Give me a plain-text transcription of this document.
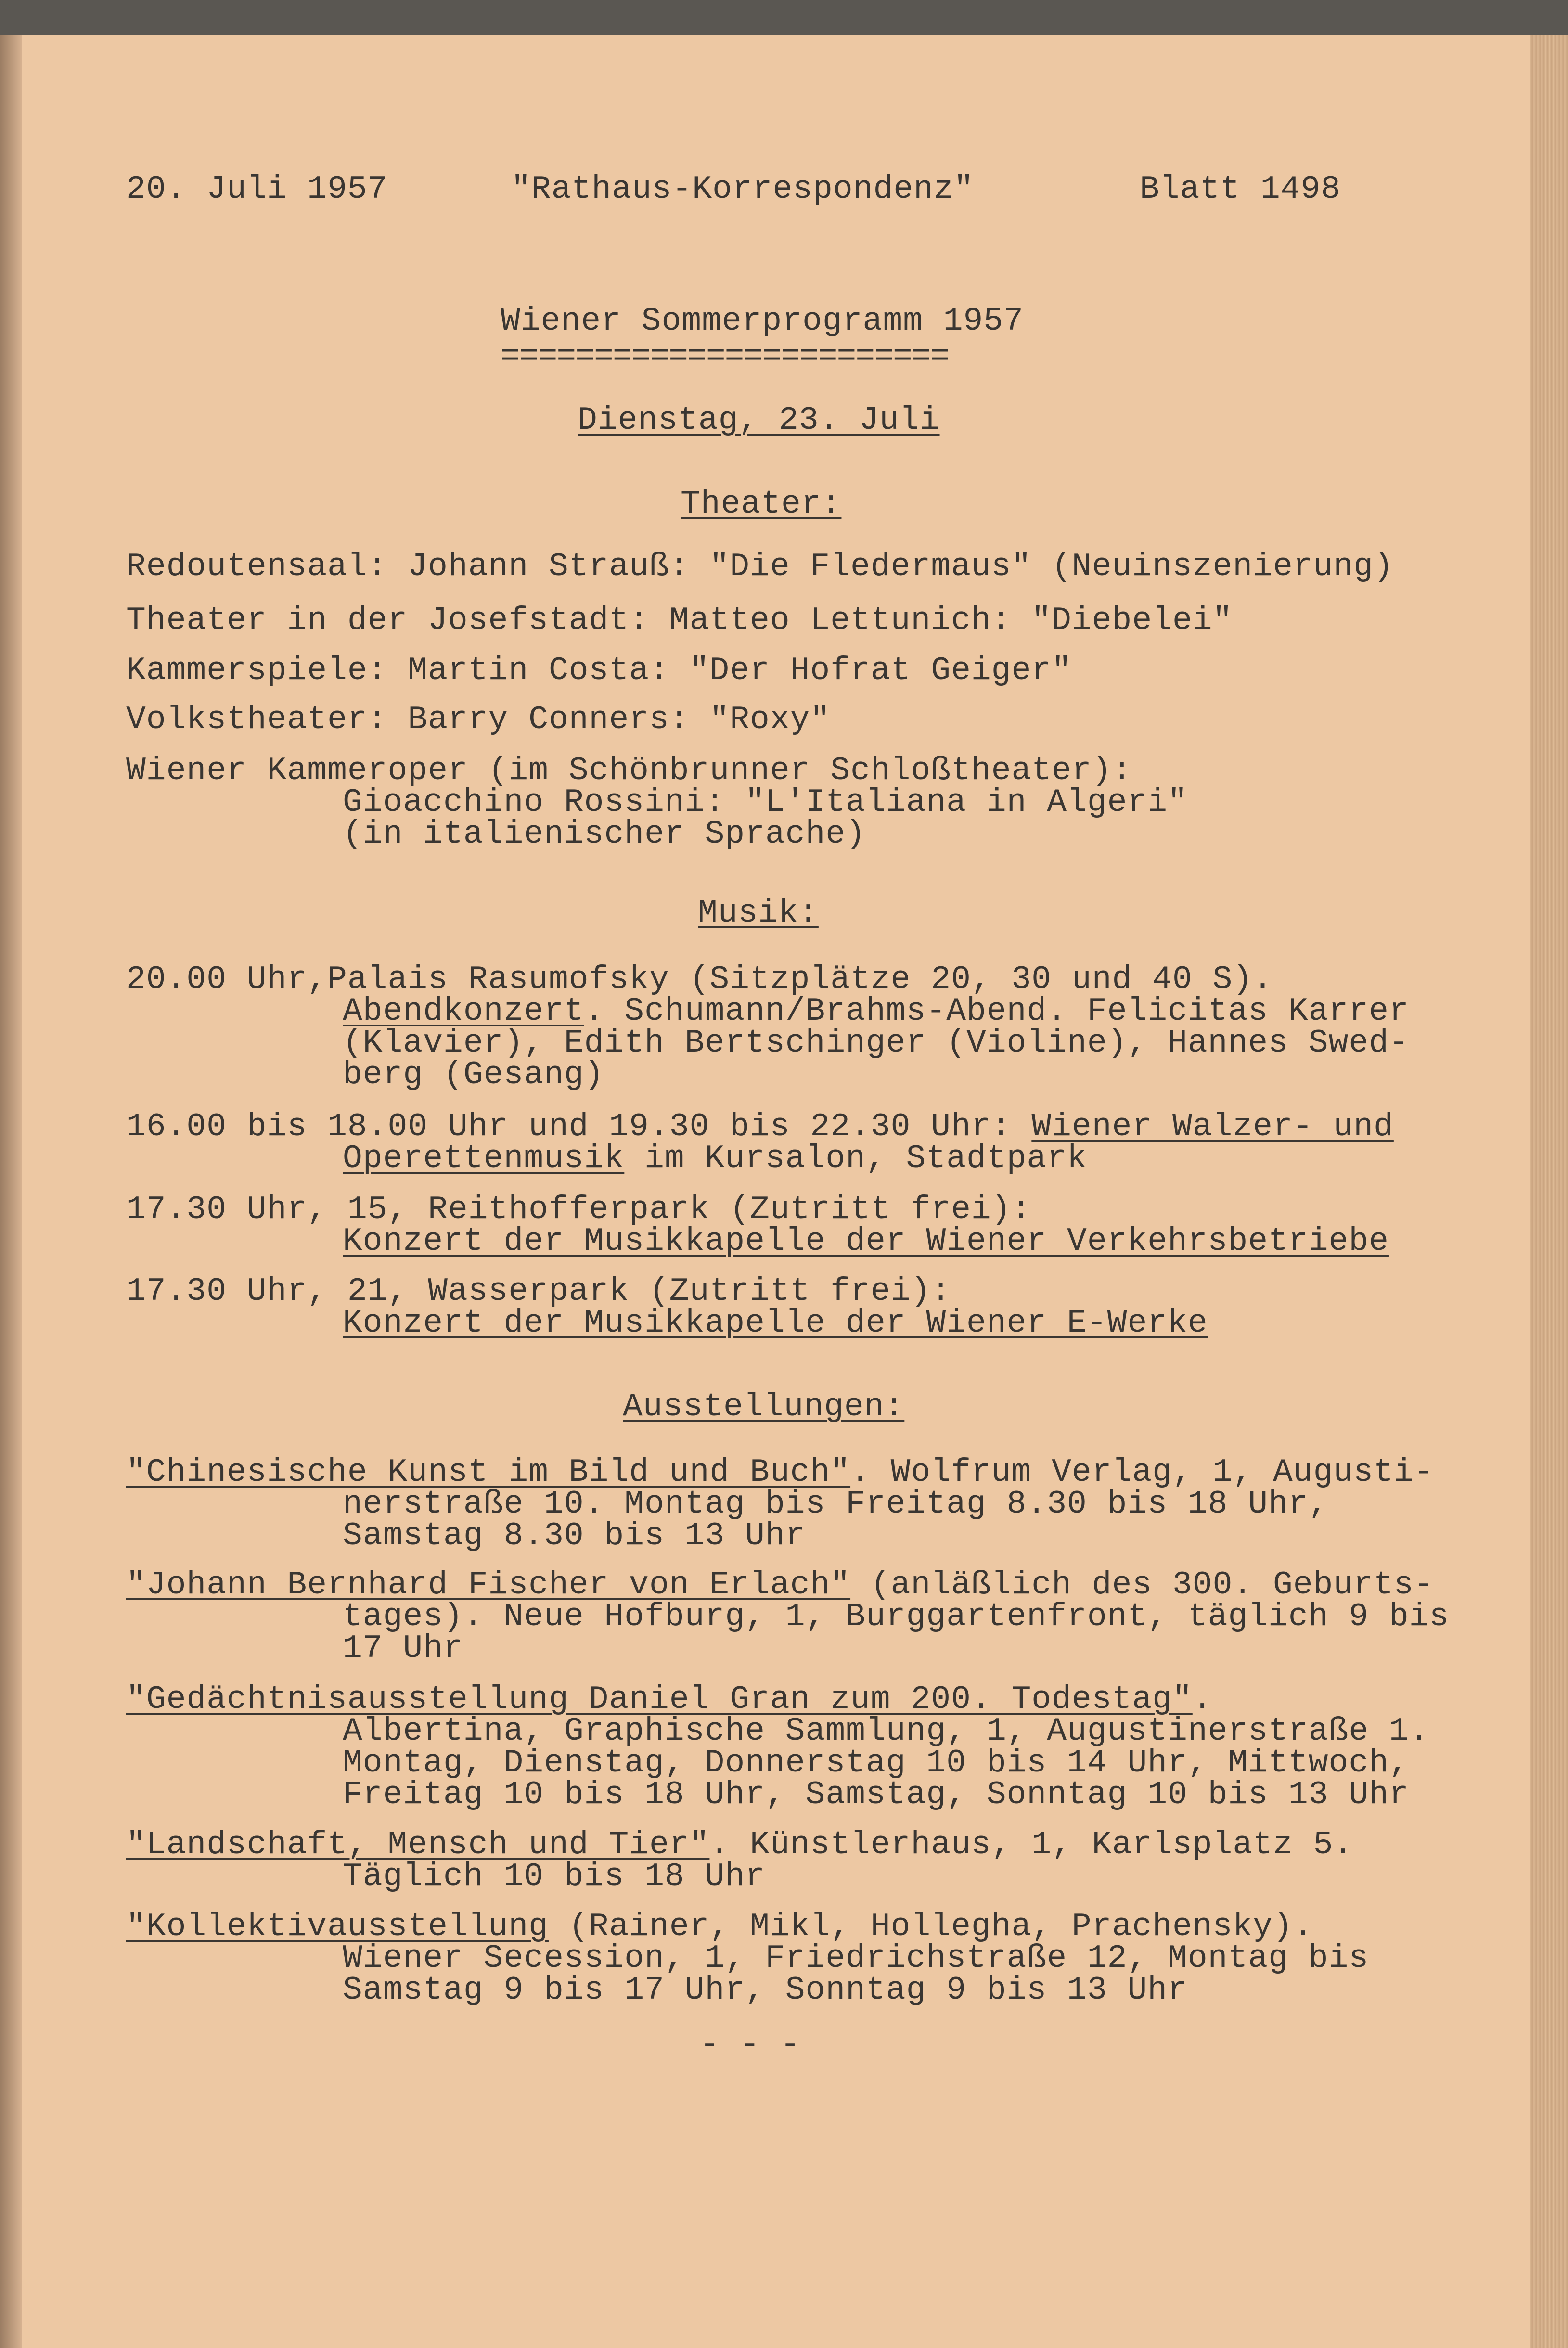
20. Juli 1957	"Rathaus-Korrespondenz"	Blatt 1498
Wiener Sommerprogramm 1957
========================
Dienstag, 23. Juli
Theater:
Redoutensaal: Johann Strauß: "Die Fledermaus" (Neuinszenierung)
Theater in der Josefstadt: Matteo Lettunich: "Diebelei"
Kammerspiele: Martin Costa: "Der Hofrat Geiger"
Volkstheater: Barry Conners: "Roxy"
Wiener Kammeroper (im Schönbrunner Schloßtheater):
Gioacchino Rossini: "L'Italiana in Algeri"
(in italienischer Sprache)
Musik:
20.00 Uhr,Palais Rasumofsky (Sitzplätze 20, 30 und 40 S).
Abendkonzert. Schumann/Brahms-Abend. Felicitas Karrer
(Klavier), Edith Bertschinger (Violine), Hannes Swed-
berg (Gesang)
16.00 bis 18.00 Uhr und 19.30 bis 22.30 Uhr: Wiener Walzer- und
Operettenmusik im Kursalon, Stadtpark
17.30 Uhr, 15, Reithofferpark (Zutritt frei):
Konzert der Musikkapelle der Wiener Verkehrsbetriebe
17.30 Uhr, 21, Wasserpark (Zutritt frei):
Konzert der Musikkapelle der Wiener E-Werke
Ausstellungen:
"Chinesische Kunst im Bild und Buch". Wolfrum Verlag, 1, Augusti-
nerstraße 10. Montag bis Freitag 8.30 bis 18 Uhr,
Samstag 8.30 bis 13 Uhr
"Johann Bernhard Fischer von Erlach" (anläßlich des 300. Geburts-
tages). Neue Hofburg, 1, Burggartenfront, täglich 9 bis
17 Uhr
"Gedächtnisausstellung Daniel Gran zum 200. Todestag".
Albertina, Graphische Sammlung, 1, Augustinerstraße 1.
Montag, Dienstag, Donnerstag 10 bis 14 Uhr, Mittwoch,
Freitag 10 bis 18 Uhr, Samstag, Sonntag 10 bis 13 Uhr
"Landschaft, Mensch und Tier". Künstlerhaus, 1, Karlsplatz 5.
Täglich 10 bis 18 Uhr
"Kollektivausstellung (Rainer, Mikl, Hollegha, Prachensky).
Wiener Secession, 1, Friedrichstraße 12, Montag bis
Samstag 9 bis 17 Uhr, Sonntag 9 bis 13 Uhr
- - -
